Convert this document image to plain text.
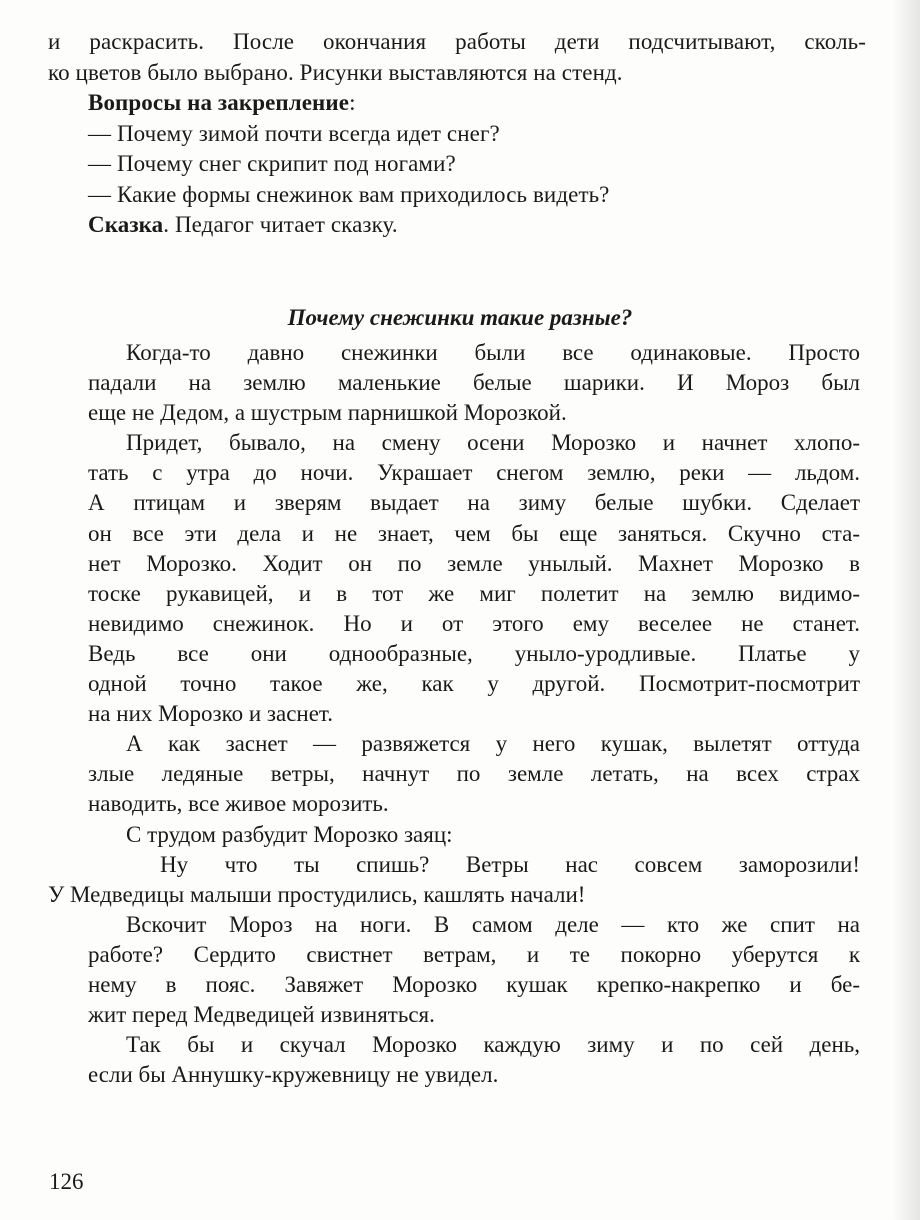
и раскрасить. После окончания работы дети подсчитывают, сколь-
ко цветов было выбрано. Рисунки выставляются на стенд.
Вопросы на закрепление:
— Почему зимой почти всегда идет снег?
— Почему снег скрипит под ногами?
— Какие формы снежинок вам приходилось видеть?
Сказка. Педагог читает сказку.
Почему снежинки такие разные?
Когда-то давно снежинки были все одинаковые. Просто
падали на землю маленькие белые шарики. И Мороз был
еще не Дедом, а шустрым парнишкой Морозкой.
Придет, бывало, на смену осени Морозко и начнет хлопо-
тать с утра до ночи. Украшает снегом землю, реки — льдом.
А птицам и зверям выдает на зиму белые шубки. Сделает
он все эти дела и не знает, чем бы еще заняться. Скучно ста-
нет Морозко. Ходит он по земле унылый. Махнет Морозко в
тоске рукавицей, и в тот же миг полетит на землю видимо-
невидимо снежинок. Но и от этого ему веселее не станет.
Ведь все они однообразные, уныло-уродливые. Платье у
одной точно такое же, как у другой. Посмотрит-посмотрит
на них Морозко и заснет.
А как заснет — развяжется у него кушак, вылетят оттуда
злые ледяные ветры, начнут по земле летать, на всех страх
наводить, все живое морозить.
С трудом разбудит Морозко заяц:
Ну что ты спишь? Ветры нас совсем заморозили!
У Медведицы малыши простудились, кашлять начали!
Вскочит Мороз на ноги. В самом деле — кто же спит на
работе? Сердито свистнет ветрам, и те покорно уберутся к
нему в пояс. Завяжет Морозко кушак крепко-накрепко и бе-
жит перед Медведицей извиняться.
Так бы и скучал Морозко каждую зиму и по сей день,
если бы Аннушку-кружевницу не увидел.
126
